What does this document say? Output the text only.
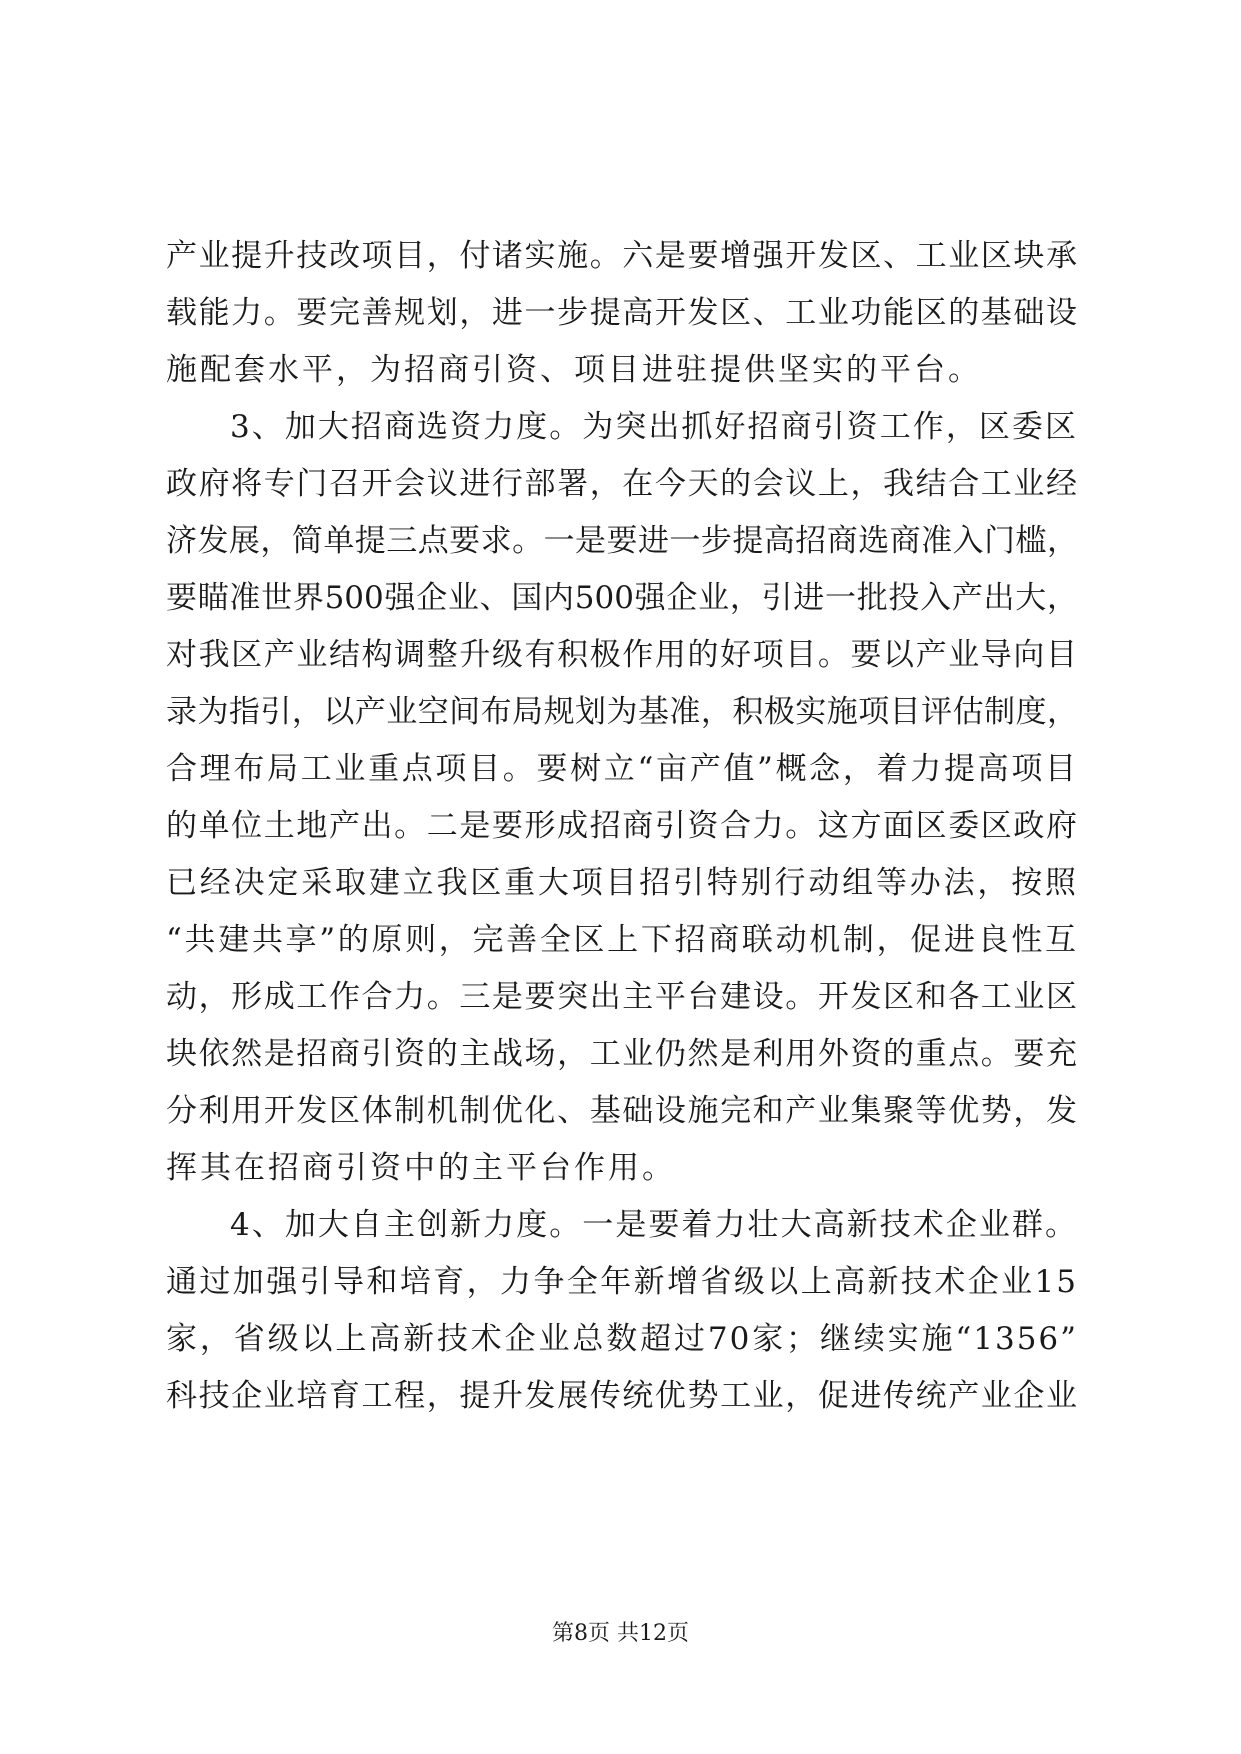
产业提升技改项目，付诸实施。六是要增强开发区、工业区块承
载能力。要完善规划，进一步提高开发区、工业功能区的基础设
施配套水平，为招商引资、项目进驻提供坚实的平台。
3、加大招商选资力度。为突出抓好招商引资工作，区委区
政府将专门召开会议进行部署，在今天的会议上，我结合工业经
济发展，简单提三点要求。一是要进一步提高招商选商准入门槛，
要瞄准世界500强企业、国内500强企业，引进一批投入产出大，
对我区产业结构调整升级有积极作用的好项目。要以产业导向目
录为指引，以产业空间布局规划为基准，积极实施项目评估制度，
合理布局工业重点项目。要树立“亩产值”概念，着力提高项目
的单位土地产出。二是要形成招商引资合力。这方面区委区政府
已经决定采取建立我区重大项目招引特别行动组等办法，按照
“共建共享”的原则，完善全区上下招商联动机制，促进良性互
动，形成工作合力。三是要突出主平台建设。开发区和各工业区
块依然是招商引资的主战场，工业仍然是利用外资的重点。要充
分利用开发区体制机制优化、基础设施完和产业集聚等优势，发
挥其在招商引资中的主平台作用。
4、加大自主创新力度。一是要着力壮大高新技术企业群。
通过加强引导和培育，力争全年新增省级以上高新技术企业15
家，省级以上高新技术企业总数超过70家；继续实施“1356”
科技企业培育工程，提升发展传统优势工业，促进传统产业企业
第8页 共12页
